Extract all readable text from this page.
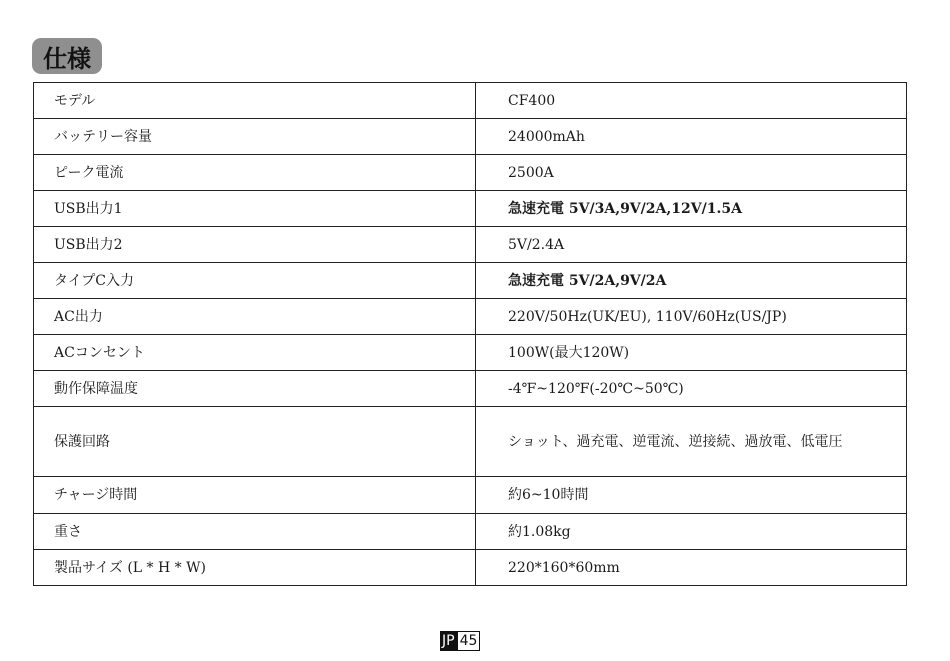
仕様
モデル	CF400
バッテリー容量	24000mAh
ピーク電流	2500A
USB出力1	急速充電 5V/3A,9V/2A,12V/1.5A
USB出力2	5V/2.4A
タイプC入力	急速充電 5V/2A,9V/2A
AC出力	220V/50Hz(UK/EU), 110V/60Hz(US/JP)
ACコンセント	100W(最大120W)
動作保障温度	-4℉~120℉(-20℃~50℃)
保護回路	ショット、過充電、逆電流、逆接続、過放電、低電圧
チャージ時間	約6~10時間
重さ	約1.08kg
製品サイズ (L * H * W)	220*160*60mm
JP 45
